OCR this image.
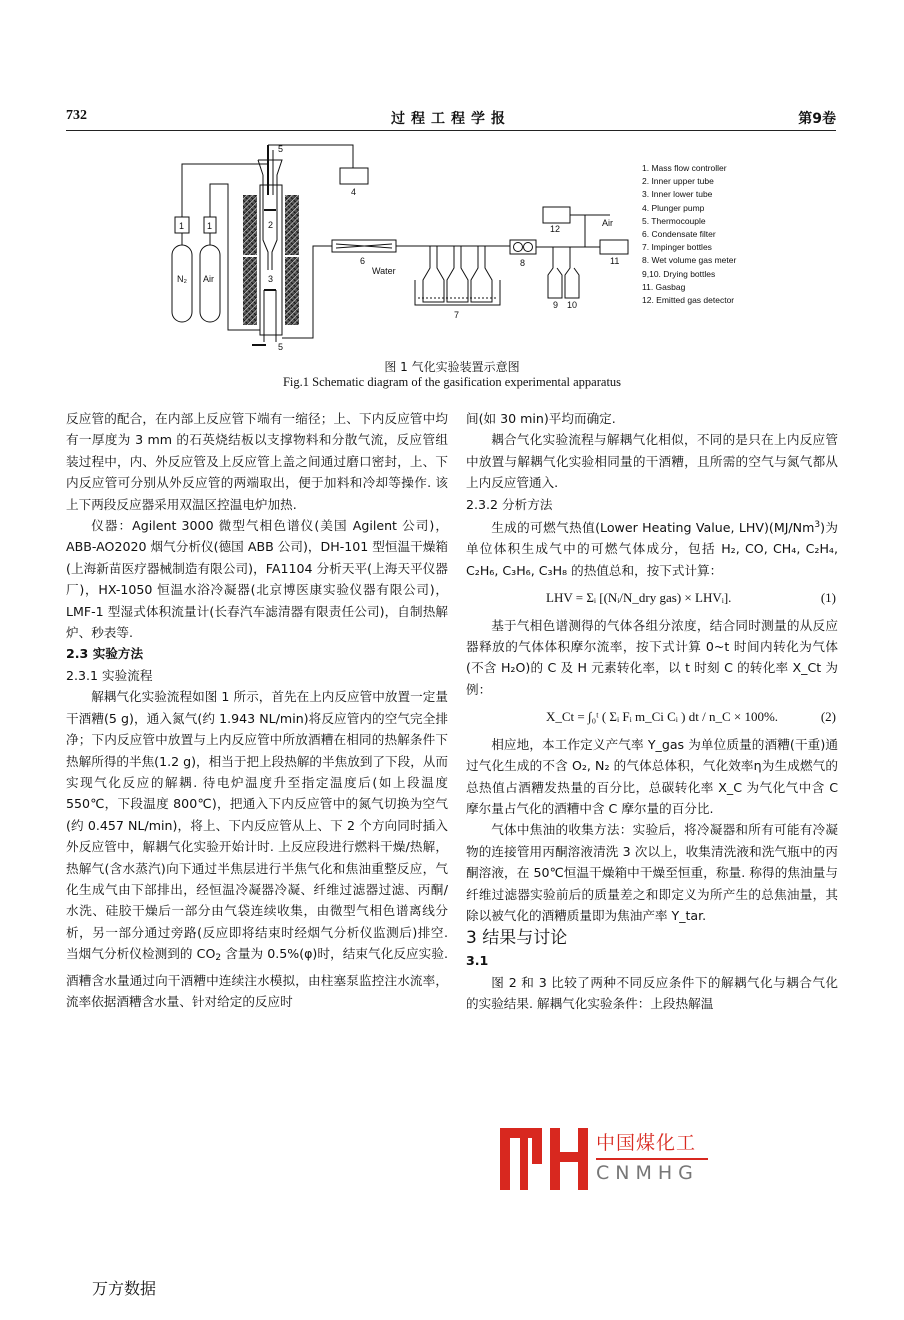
732	过程工程学报	第9卷
N₂
1
Air
1	2
3
5
5
4
6
Water
7
8
9 10
11
12
Air
1. Mass flow controller
2. Inner upper tube
3. Inner lower tube
4. Plunger pump
5. Thermocouple
6. Condensate filter
7. Impinger bottles
8. Wet volume gas meter
9,10. Drying bottles
11. Gasbag
12. Emitted gas detector
图 1 气化实验装置示意图
Fig.1 Schematic diagram of the gasification experimental apparatus

反应管的配合，在内部上反应管下端有一缩径；上、下内反应管中均有一厚度为 3 mm 的石英烧结板以支撑物料和分散气流，反应管组装过程中，内、外反应管及上反应管上盖之间通过磨口密封，上、下内反应管可分别从外反应管的两端取出，便于加料和冷却等操作. 该上下两段反应器采用双温区控温电炉加热.

仪器：Agilent 3000 微型气相色谱仪(美国 Agilent 公司)，ABB-AO2020 烟气分析仪(德国 ABB 公司)，DH-101 型恒温干燥箱(上海新苗医疗器械制造有限公司)，FA1104 分析天平(上海天平仪器厂)，HX-1050 恒温水浴冷凝器(北京博医康实验仪器有限公司)，LMF-1 型湿式体积流量计(长春汽车滤清器有限责任公司)，自制热解炉、秒表等.

2.3 实验方法

2.3.1 实验流程

解耦气化实验流程如图 1 所示，首先在上内反应管中放置一定量干酒糟(5 g)，通入氮气(约 1.943 NL/min)将反应管内的空气完全排净；下内反应管中放置与上内反应管中所放酒糟在相同的热解条件下热解所得的半焦(1.2 g)，相当于把上段热解的半焦放到了下段，从而实现气化反应的解耦. 待电炉温度升至指定温度后(如上段温度 550℃，下段温度 800℃)，把通入下内反应管中的氮气切换为空气(约 0.457 NL/min)，将上、下内反应管从上、下 2 个方向同时插入外反应管中，解耦气化实验开始计时. 上反应段进行燃料干燥/热解，热解气(含水蒸汽)向下通过半焦层进行半焦气化和焦油重整反应，气化生成气由下部排出，经恒温冷凝器冷凝、纤维过滤器过滤、丙酮/水洗、硅胶干燥后一部分由气袋连续收集，由微型气相色谱离线分析，另一部分通过旁路(反应即将结束时经烟气分析仪监测后)排空. 当烟气分析仪检测到的 $CO_2$ 含量为 0.5%(φ)时，结束气化反应实验. 酒糟含水量通过向干酒糟中连续注水模拟，由柱塞泵监控注水流率，流率依据酒糟含水量、针对给定的反应时

间(如 30 min)平均而确定.

耦合气化实验流程与解耦气化相似，不同的是只在上内反应管中放置与解耦气化实验相同量的干酒糟，且所需的空气与氮气都从上内反应管通入.

2.3.2 分析方法

生成的可燃气热值(Lower Heating Value, LHV)(MJ/Nm$^3$)为单位体积生成气中的可燃气体成分，包括 H₂, CO, CH₄, C₂H₄, C₂H₆, C₃H₆, C₃H₈ 的热值总和，按下式计算：

LHV = Σᵢ [(Nᵢ/N_dry gas) × LHVᵢ].	(1)

基于气相色谱测得的气体各组分浓度，结合同时测量的从反应器释放的气体体积摩尔流率，按下式计算 0~t 时间内转化为气体(不含 H₂O)的 C 及 H 元素转化率，以 t 时刻 C 的转化率 X_Ct 为例：

X_Ct = ∫₀ᵗ ( Σᵢ Fᵢ m_Ci Cᵢ ) dt / n_C × 100%.	(2)

相应地，本工作定义产气率 Y_gas 为单位质量的酒糟(干重)通过气化生成的不含 O₂, N₂ 的气体总体积，气化效率η为生成燃气的总热值占酒糟发热量的百分比，总碳转化率 X_C 为气化气中含 C 摩尔量占气化的酒糟中含 C 摩尔量的百分比.

气体中焦油的收集方法：实验后，将冷凝器和所有可能有冷凝物的连接管用丙酮溶液清洗 3 次以上，收集清洗液和洗气瓶中的丙酮溶液，在 50℃恒温干燥箱中干燥至恒重，称量. 称得的焦油量与纤维过滤器实验前后的质量差之和即定义为所产生的总焦油量，其除以被气化的酒糟质量即为焦油产率 Y_tar.

3 结果与讨论

3.1

图 2 和 3 比较了两种不同反应条件下的解耦气化与耦合气化的实验结果. 解耦气化实验条件：上段热解温

中国煤化工
CNMHG
万方数据
